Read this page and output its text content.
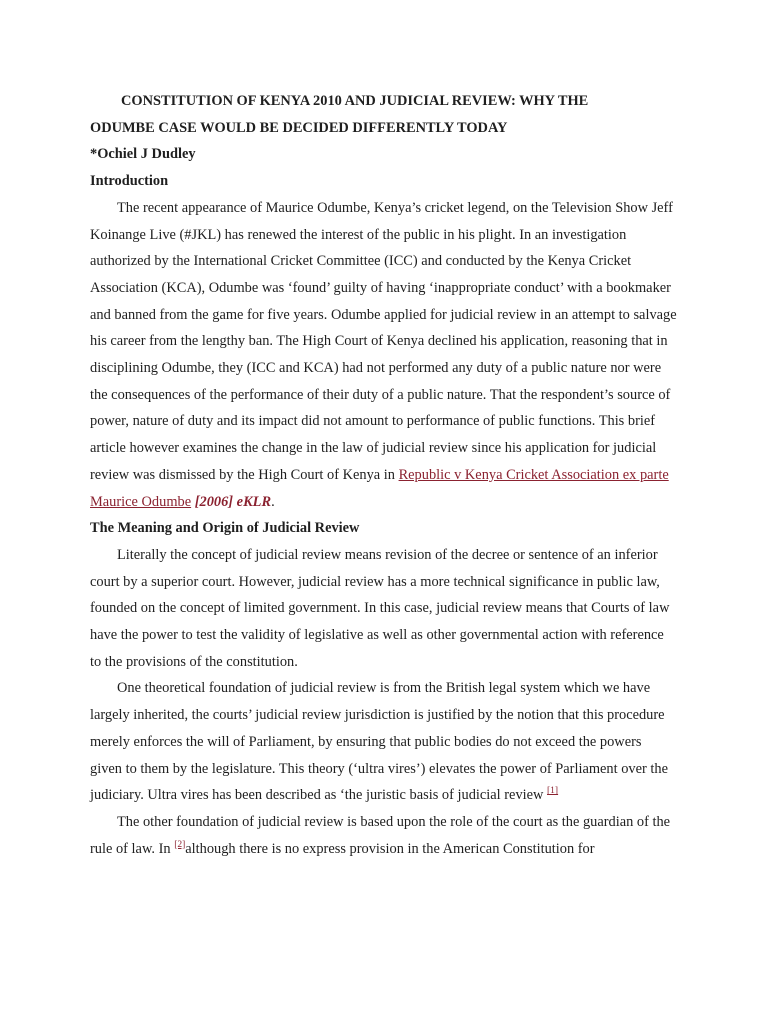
CONSTITUTION OF KENYA 2010 AND JUDICIAL REVIEW: WHY THE

ODUMBE CASE WOULD BE DECIDED DIFFERENTLY TODAY

*Ochiel J Dudley

Introduction

The recent appearance of Maurice Odumbe, Kenya’s cricket legend, on the Television Show Jeff Koinange Live (#JKL) has renewed the interest of the public in his plight. In an investigation authorized by the International Cricket Committee (ICC) and conducted by the Kenya Cricket Association (KCA), Odumbe was ‘found’ guilty of having ‘inappropriate conduct’ with a bookmaker and banned from the game for five years. Odumbe applied for judicial review in an attempt to salvage his career from the lengthy ban. The High Court of Kenya declined his application, reasoning that in disciplining Odumbe, they (ICC and KCA) had not performed any duty of a public nature nor were the consequences of the performance of their duty of a public nature. That the respondent’s source of power, nature of duty and its impact did not amount to performance of public functions. This brief article however examines the change in the law of judicial review since his application for judicial review was dismissed by the High Court of Kenya in Republic v Kenya Cricket Association ex parte Maurice Odumbe [2006] eKLR.

The Meaning and Origin of Judicial Review

Literally the concept of judicial review means revision of the decree or sentence of an inferior court by a superior court. However, judicial review has a more technical significance in public law, founded on the concept of limited government. In this case, judicial review means that Courts of law have the power to test the validity of legislative as well as other governmental action with reference to the provisions of the constitution.

One theoretical foundation of judicial review is from the British legal system which we have largely inherited, the courts’ judicial review jurisdiction is justified by the notion that this procedure merely enforces the will of Parliament, by ensuring that public bodies do not exceed the powers given to them by the legislature. This theory (‘ultra vires’) elevates the power of Parliament over the judiciary. Ultra vires has been described as ‘the juristic basis of judicial review [1]

The other foundation of judicial review is based upon the role of the court as the guardian of the rule of law. In [2]although there is no express provision in the American Constitution for
